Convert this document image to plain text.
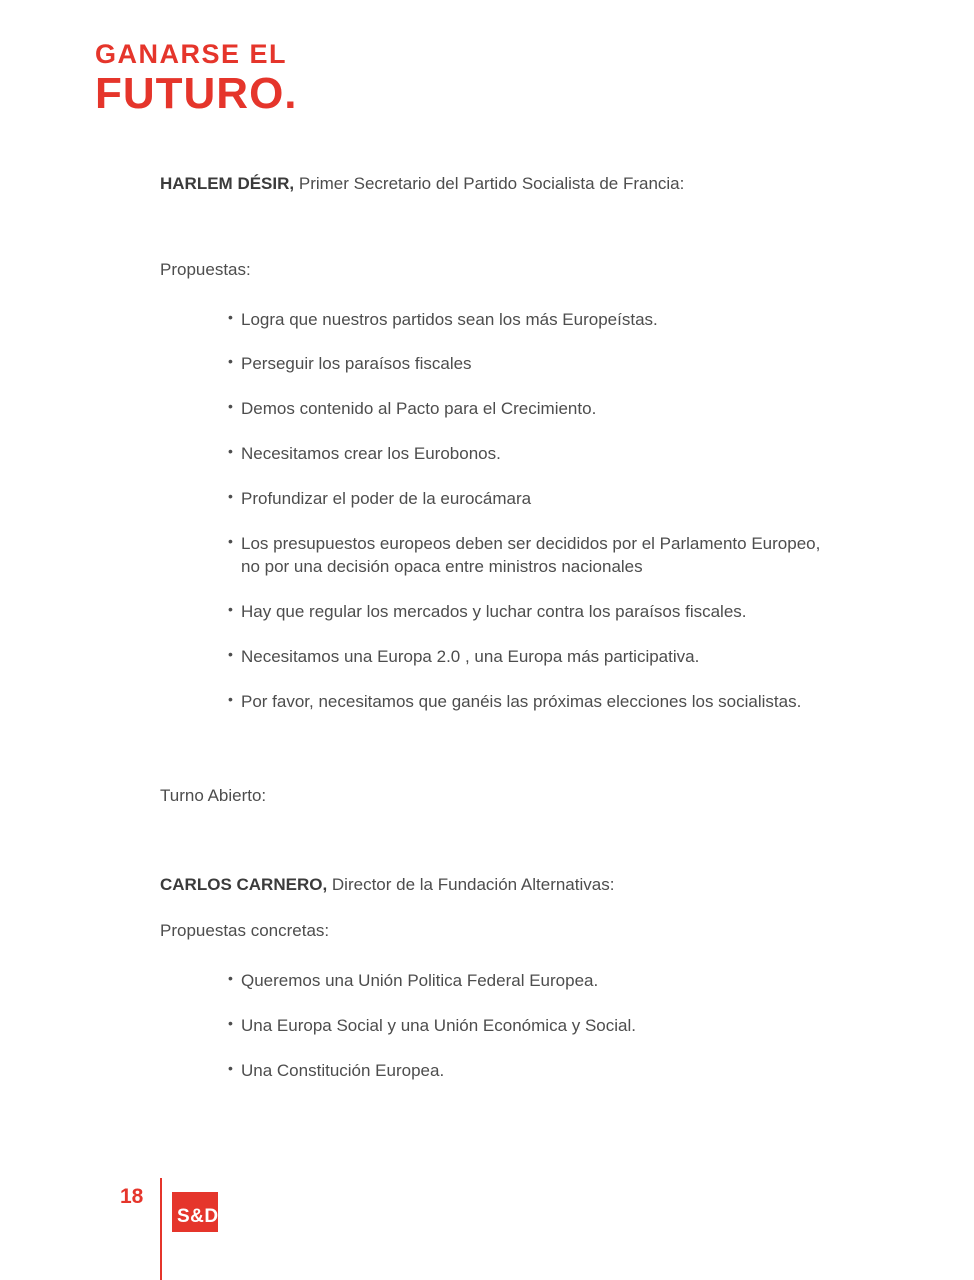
GANARSE EL
FUTURO.

HARLEM DÉSIR, Primer Secretario del Partido Socialista de Francia:

Propuestas:

• Logra que nuestros partidos sean los más Europeístas.
• Perseguir los paraísos fiscales
• Demos contenido al Pacto para el Crecimiento.
• Necesitamos crear los Eurobonos.
• Profundizar el poder de la eurocámara
• Los presupuestos europeos deben ser decididos por el Parlamento Europeo, no por una decisión opaca entre ministros nacionales
• Hay que regular los mercados y luchar contra los paraísos fiscales.
• Necesitamos una Europa 2.0 , una Europa más participativa.
• Por favor, necesitamos que ganéis las próximas elecciones los socialistas.

Turno Abierto:

CARLOS CARNERO, Director de la Fundación Alternativas:

Propuestas concretas:

• Queremos una Unión Politica Federal Europea.
• Una Europa Social y una Unión Económica y Social.
• Una Constitución Europea.
18
S&D
